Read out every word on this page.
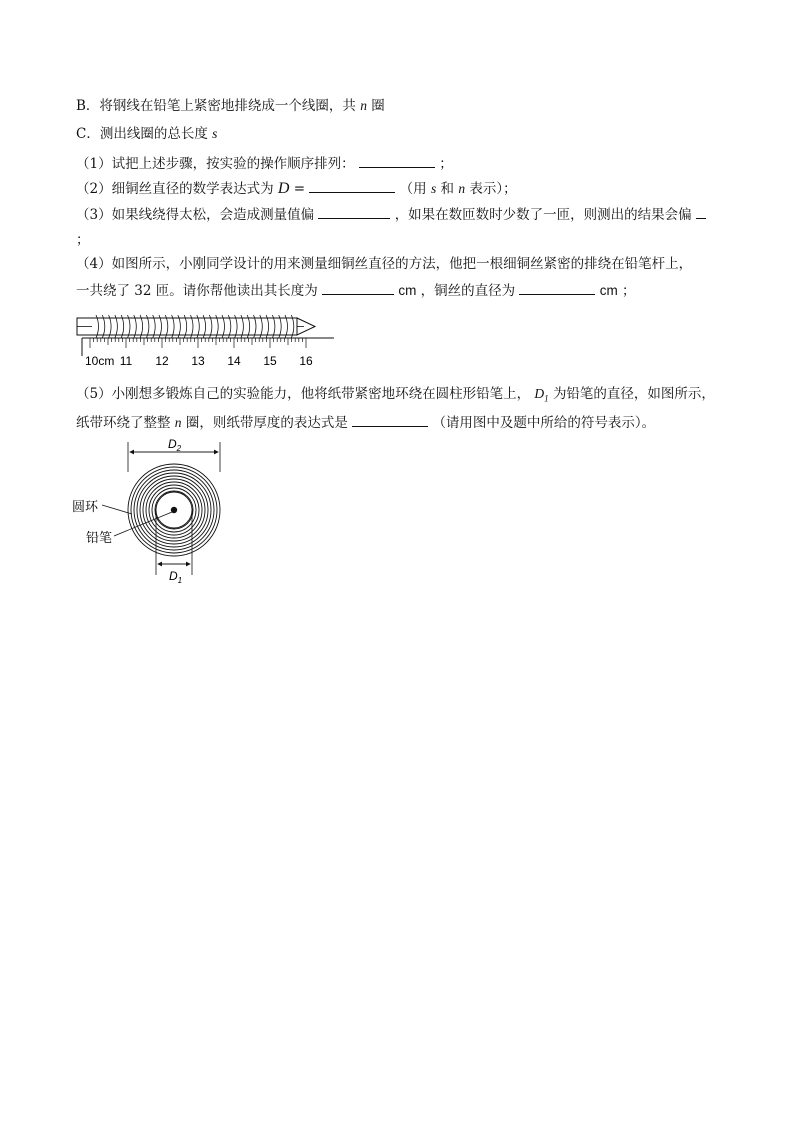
B．将钢线在铅笔上紧密地排绕成一个线圈，共 n 圈
C．测出线圈的总长度 s
（1）试把上述步骤，按实验的操作顺序排列：	；
（2）细铜丝直径的数学表达式为 D =	（用 s 和 n 表示）；
（3）如果线绕得太松，会造成测量值偏	，如果在数匝数时少数了一匝，则测出的结果会偏
；
（4）如图所示，小刚同学设计的用来测量细铜丝直径的方法，他把一根细铜丝紧密的排绕在铅笔杆上，
一共绕了 32 匝。请你帮他读出其长度为	cm ，铜丝的直径为	cm ；
10cm 11 12 13 14 15 16
（5）小刚想多锻炼自己的实验能力，他将纸带紧密地环绕在圆柱形铅笔上， $D_1$ 为铅笔的直径，如图所示，
纸带环绕了整整 n 圈，则纸带厚度的表达式是	（请用图中及题中所给的符号表示）。
$D_2$
$D_1$
圆环
铅笔
